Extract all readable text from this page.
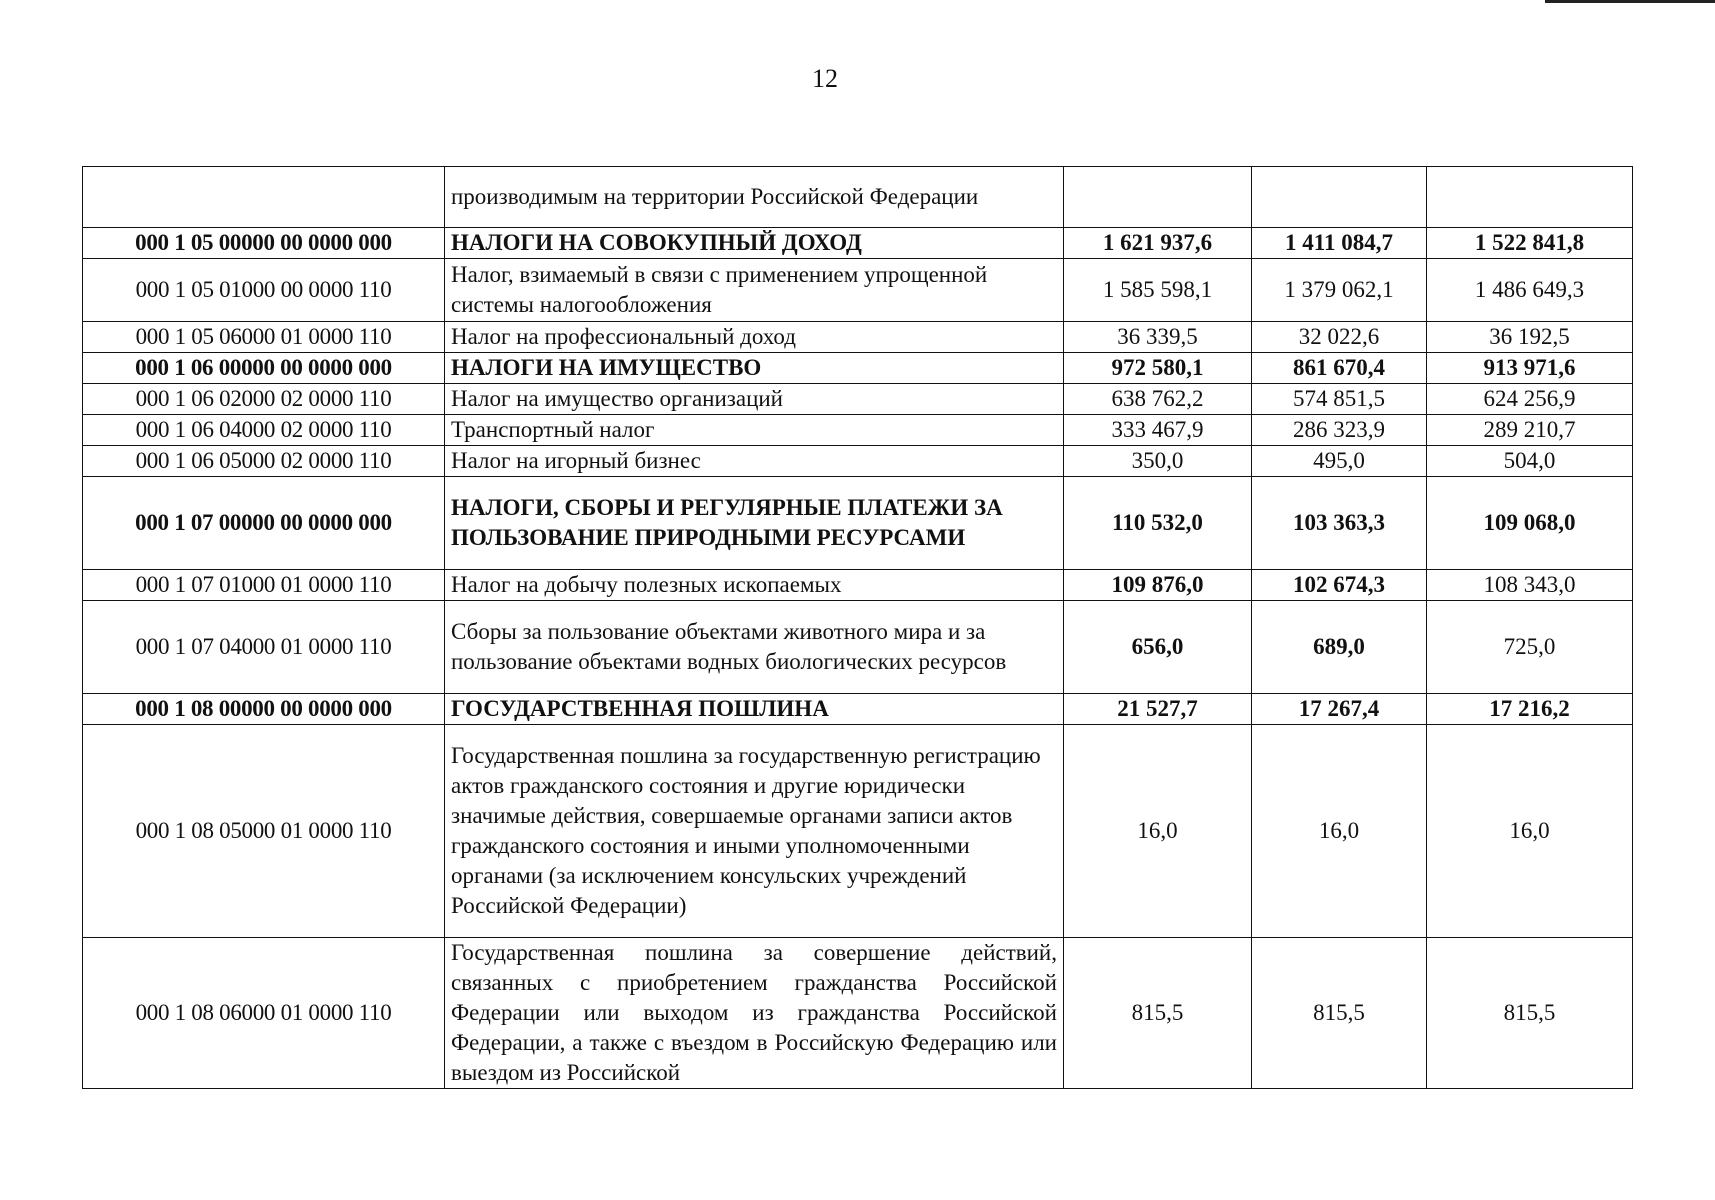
12
	производимым на территории Российской Федерации			
000 1 05 00000 00 0000 000	НАЛОГИ НА СОВОКУПНЫЙ ДОХОД	1 621 937,6	1 411 084,7	1 522 841,8
000 1 05 01000 00 0000 110	Налог, взимаемый в связи с применением упрощенной системы налогообложения	1 585 598,1	1 379 062,1	1 486 649,3
000 1 05 06000 01 0000 110	Налог на профессиональный доход	36 339,5	32 022,6	36 192,5
000 1 06 00000 00 0000 000	НАЛОГИ НА ИМУЩЕСТВО	972 580,1	861 670,4	913 971,6
000 1 06 02000 02 0000 110	Налог на имущество организаций	638 762,2	574 851,5	624 256,9
000 1 06 04000 02 0000 110	Транспортный налог	333 467,9	286 323,9	289 210,7
000 1 06 05000 02 0000 110	Налог на игорный бизнес	350,0	495,0	504,0
000 1 07 00000 00 0000 000	НАЛОГИ, СБОРЫ И РЕГУЛЯРНЫЕ ПЛАТЕЖИ ЗА ПОЛЬЗОВАНИЕ ПРИРОДНЫМИ РЕСУРСАМИ	110 532,0	103 363,3	109 068,0
000 1 07 01000 01 0000 110	Налог на добычу полезных ископаемых	109 876,0	102 674,3	108 343,0
000 1 07 04000 01 0000 110	Сборы за пользование объектами животного мира и за пользование объектами водных биологических ресурсов	656,0	689,0	725,0
000 1 08 00000 00 0000 000	ГОСУДАРСТВЕННАЯ ПОШЛИНА	21 527,7	17 267,4	17 216,2
000 1 08 05000 01 0000 110	Государственная пошлина за государственную регистрацию актов гражданского состояния и другие юридически значимые действия, совершаемые органами записи актов гражданского состояния и иными уполномоченными органами (за исключением консульских учреждений Российской Федерации)	16,0	16,0	16,0
000 1 08 06000 01 0000 110	Государственная пошлина за совершение действий, связанных с приобретением гражданства Российской Федерации или выходом из гражданства Российской Федерации, а также с въездом в Российскую Федерацию или выездом из Российской	815,5	815,5	815,5
